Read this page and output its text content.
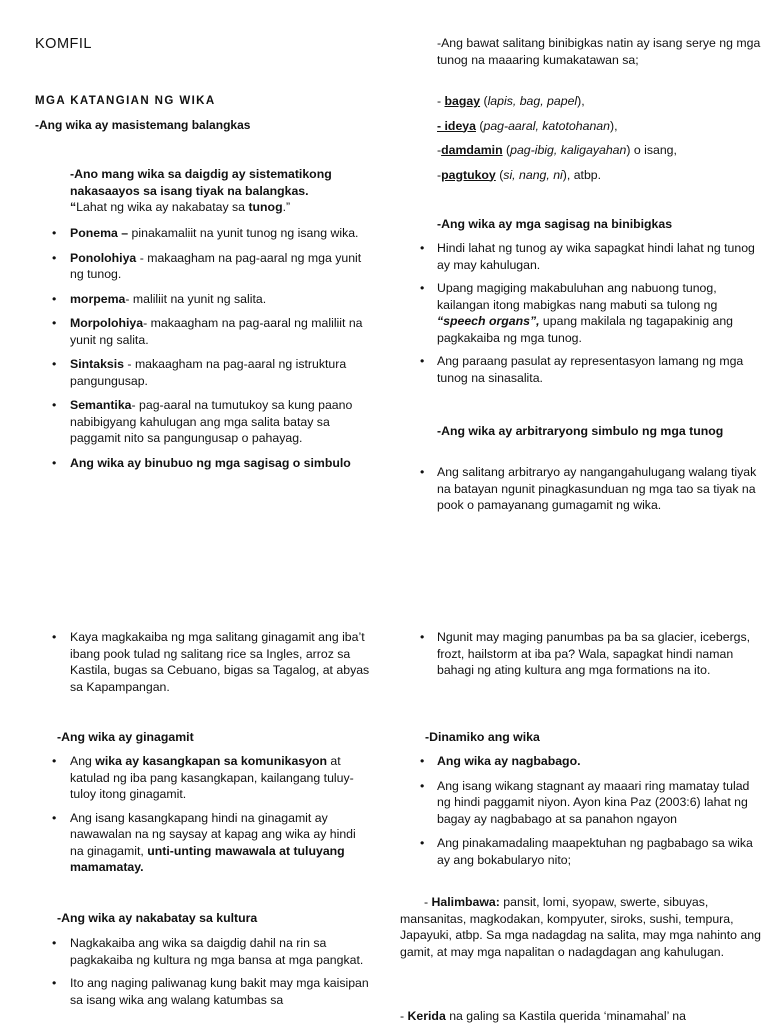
KOMFIL
MGA KATANGIAN NG WIKA
-Ang wika ay masistemang balangkas
-Ano mang wika sa daigdig ay sistematikong
nakasaayos sa isang tiyak na balangkas.
“Lahat ng wika ay nakabatay sa tunog.”
• Ponema – pinakamaliit na yunit tunog ng isang wika.
• Ponolohiya - makaagham na pag-aaral ng mga yunit ng tunog.
• morpema- maliliit na yunit ng salita.
• Morpolohiya- makaagham na pag-aaral ng maliliit na yunit ng salita.
• Sintaksis - makaagham na pag-aaral ng istruktura pangungusap.
• Semantika- pag-aaral na tumutukoy sa kung paano nabibigyang kahulugan ang mga salita batay sa paggamit nito sa pangungusap o pahayag.
• Ang wika ay binubuo ng mga sagisag o simbulo
-Ang bawat salitang binibigkas natin ay isang serye ng mga tunog na maaaring kumakatawan sa;
- bagay (lapis, bag, papel),
- ideya (pag-aaral, katotohanan),
-damdamin (pag-ibig, kaligayahan) o isang,
-pagtukoy (si, nang, ni), atbp.
-Ang wika ay mga sagisag na binibigkas
• Hindi lahat ng tunog ay wika sapagkat hindi lahat ng tunog ay may kahulugan.
• Upang magiging makabuluhan ang nabuong tunog, kailangan itong mabigkas nang mabuti sa tulong ng “speech organs”, upang makilala ng tagapakinig ang pagkakaiba ng mga tunog.
• Ang paraang pasulat ay representasyon lamang ng mga tunog na sinasalita.
-Ang wika ay arbitraryong simbulo ng mga tunog
• Ang salitang arbitraryo ay nangangahulugang walang tiyak na batayan ngunit pinagkasunduan ng mga tao sa tiyak na pook o pamayanang gumagamit ng wika.
• Kaya magkakaiba ng mga salitang ginagamit ang iba’t ibang pook tulad ng salitang rice sa Ingles, arroz sa Kastila, bugas sa Cebuano, bigas sa Tagalog, at abyas sa Kapampangan.
-Ang wika ay ginagamit
• Ang wika ay kasangkapan sa komunikasyon at katulad ng iba pang kasangkapan, kailangang tuluy-tuloy itong ginagamit.
• Ang isang kasangkapang hindi na ginagamit ay nawawalan na ng saysay at kapag ang wika ay hindi na ginagamit, unti-unting mawawala at tuluyang mamamatay.
-Ang wika ay nakabatay sa kultura
• Nagkakaiba ang wika sa daigdig dahil na rin sa pagkakaiba ng kultura ng mga bansa at mga pangkat.
• Ito ang naging paliwanag kung bakit may mga kaisipan sa isang wika ang walang katumbas sa
• Ngunit may maging panumbas pa ba sa glacier, icebergs, frozt, hailstorm at iba pa? Wala, sapagkat hindi naman bahagi ng ating kultura ang mga formations na ito.
-Dinamiko ang wika
• Ang wika ay nagbabago.
• Ang isang wikang stagnant ay maaari ring mamatay tulad ng hindi paggamit niyon. Ayon kina Paz (2003:6) lahat ng bagay ay nagbabago at sa panahon ngayon
• Ang pinakamadaling maapektuhan ng pagbabago sa wika ay ang bokabularyo nito;
- Halimbawa: pansit, lomi, syopaw, swerte, sibuyas, mansanitas, magkodakan, kompyuter, siroks, sushi, tempura, Japayuki, atbp. Sa mga nadagdag na salita, may mga nahinto ang gamit, at may mga napalitan o nadagdagan ang kahulugan.
- Kerida na galing sa Kastila querida ‘minamahal’ na
